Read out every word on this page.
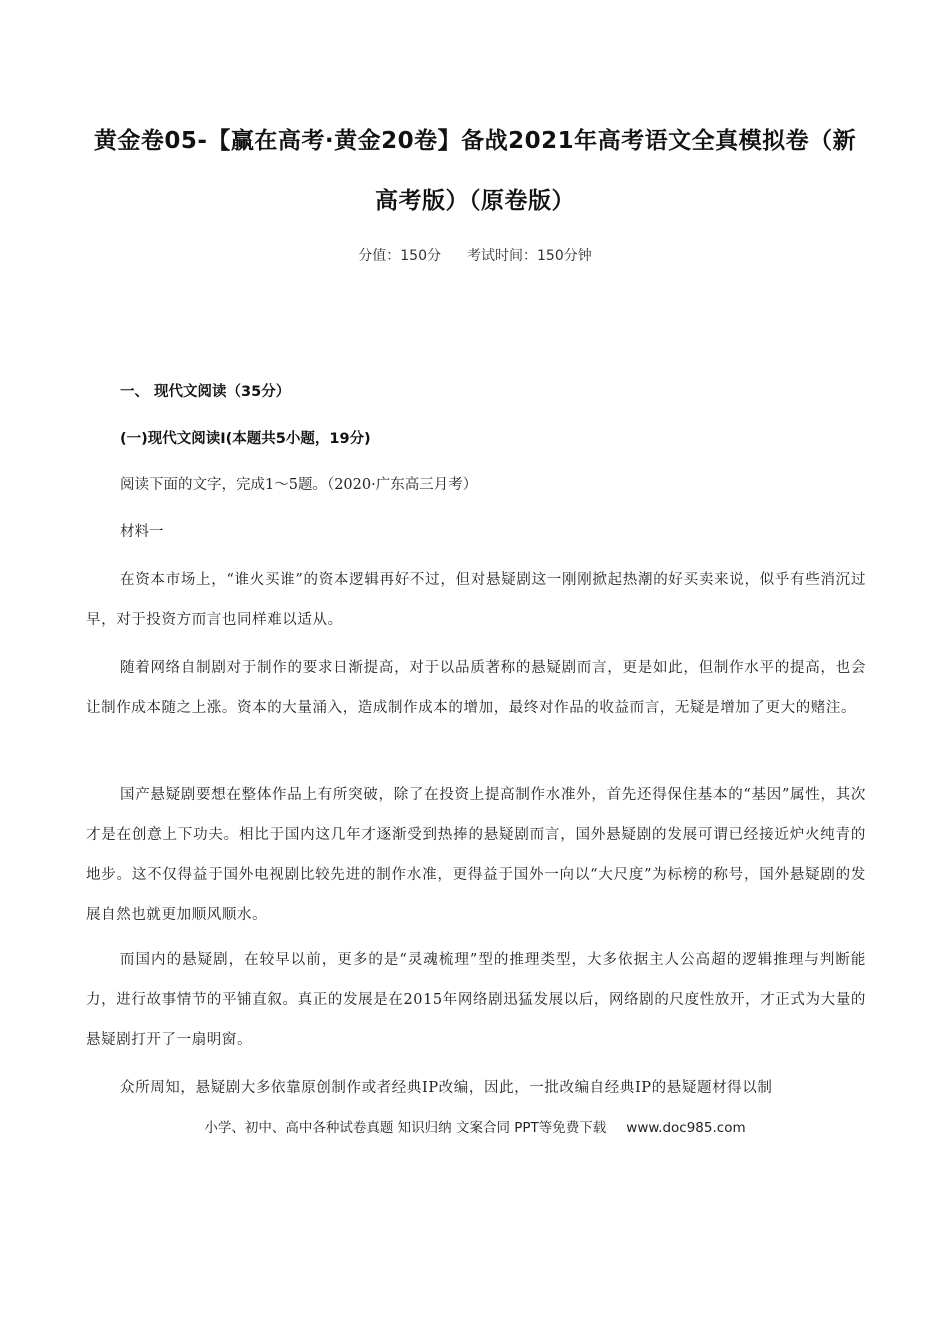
黄金卷05-【赢在高考·黄金20卷】备战2021年高考语文全真模拟卷（新
高考版）（原卷版）
分值：150分 考试时间：150分钟
一、 现代文阅读（35分）
(一)现代文阅读Ⅰ(本题共5小题，19分)
阅读下面的文字，完成1～5题。（2020·广东高三月考）
材料一
在资本市场上，“谁火买谁”的资本逻辑再好不过，但对悬疑剧这一刚刚掀起热潮的好买卖来说，似乎有些消沉过早，对于投资方而言也同样难以适从。
随着网络自制剧对于制作的要求日渐提高，对于以品质著称的悬疑剧而言，更是如此，但制作水平的提高，也会让制作成本随之上涨。资本的大量涌入，造成制作成本的增加，最终对作品的收益而言，无疑是增加了更大的赌注。
国产悬疑剧要想在整体作品上有所突破，除了在投资上提高制作水准外，首先还得保住基本的“基因”属性，其次才是在创意上下功夫。相比于国内这几年才逐渐受到热捧的悬疑剧而言，国外悬疑剧的发展可谓已经接近炉火纯青的地步。这不仅得益于国外电视剧比较先进的制作水准，更得益于国外一向以“大尺度”为标榜的称号，国外悬疑剧的发展自然也就更加顺风顺水。
而国内的悬疑剧，在较早以前，更多的是“灵魂梳理”型的推理类型，大多依据主人公高超的逻辑推理与判断能力，进行故事情节的平铺直叙。真正的发展是在2015年网络剧迅猛发展以后，网络剧的尺度性放开，才正式为大量的悬疑剧打开了一扇明窗。
众所周知，悬疑剧大多依靠原创制作或者经典IP改编，因此，一批改编自经典IP的悬疑题材得以制
小学、初中、高中各种试卷真题 知识归纳 文案合同 PPT等免费下载 www.doc985.com
